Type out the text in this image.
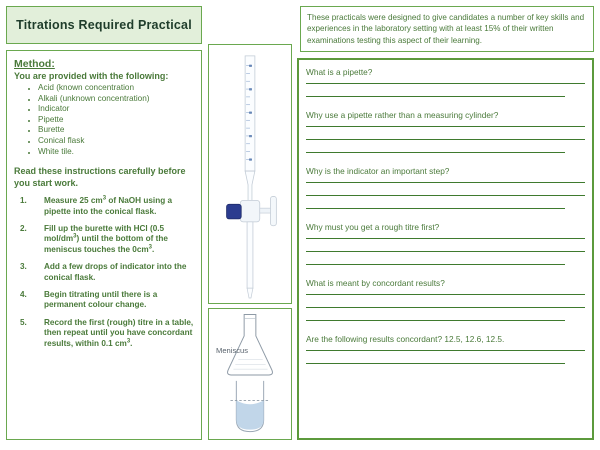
Titrations Required Practical
Method:
You are provided with the following:
• Acid (known concentration
• Alkali (unknown concentration)
• Indicator
• Pipette
• Burette
• Conical flask
• White tile.
Read these instructions carefully before you start work.
1.	Measure 25 $cm^3$ of NaOH using a pipette into the conical flask.
2.	Fill up the burette with HCl (0.5 mol/$dm^3$) until the bottom of the meniscus touches the $0cm^3$.
3.	Add a few drops of indicator into the conical flask.
4.	Begin titrating until there is a permanent colour change.
5.	Record the first (rough) titre in a table, then repeat until you have concordant results, within 0.1 $cm^3$.
Meniscus
These practicals were designed to give candidates a number of key skills and experiences in the laboratory setting with at least 15% of their written examinations testing this aspect of their learning.
What is a pipette?
Why use a pipette rather than a measuring cylinder?
Why is the indicator an important step?
Why must you get a rough titre first?
What is meant by concordant results?
Are the following results concordant? 12.5, 12.6, 12.5.
